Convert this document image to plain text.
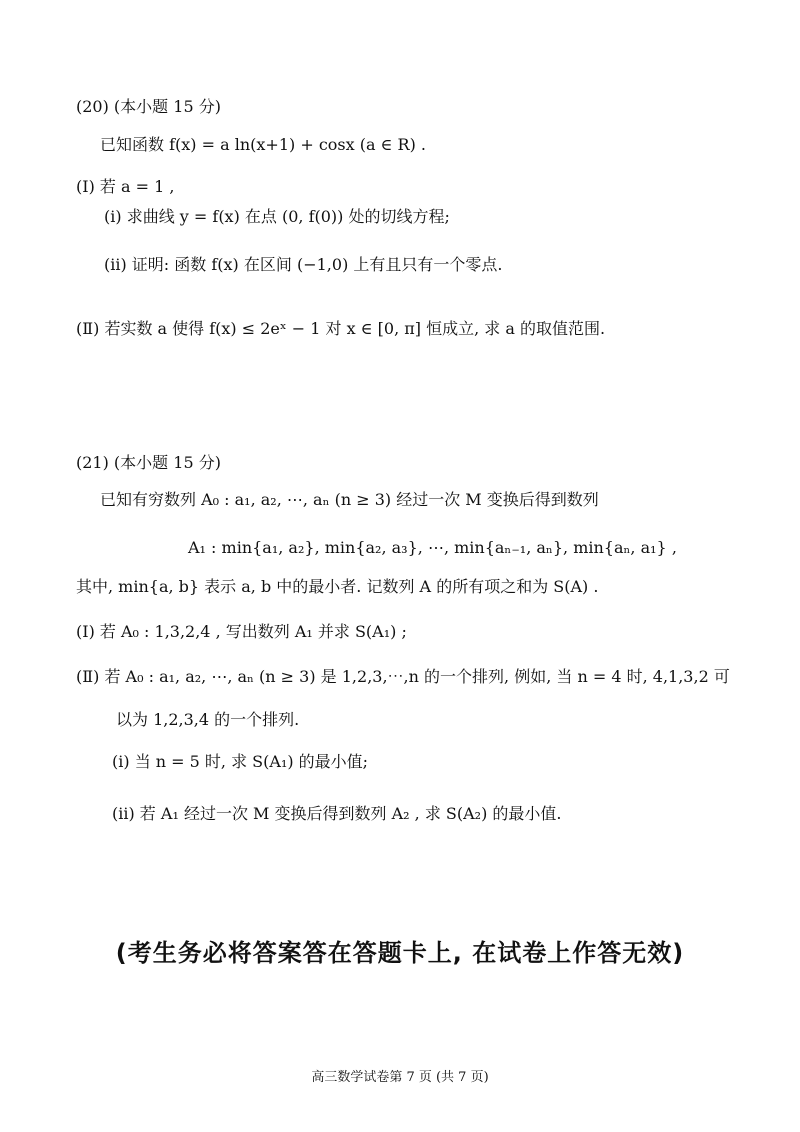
(20) (本小题 15 分)
已知函数 f(x) = a ln(x+1) + cosx (a ∈ R) .
(Ⅰ) 若 a = 1 ,
(ⅰ) 求曲线 y = f(x) 在点 (0, f(0)) 处的切线方程;
(ⅱ) 证明: 函数 f(x) 在区间 (−1,0) 上有且只有一个零点.
(Ⅱ) 若实数 a 使得 f(x) ≤ 2eˣ − 1 对 x ∈ [0, π] 恒成立, 求 a 的取值范围.
(21) (本小题 15 分)
已知有穷数列 A₀ : a₁, a₂, ⋯, aₙ (n ≥ 3) 经过一次 M 变换后得到数列
A₁ : min{a₁, a₂}, min{a₂, a₃}, ⋯, min{aₙ₋₁, aₙ}, min{aₙ, a₁} ,
其中, min{a, b} 表示 a, b 中的最小者. 记数列 A 的所有项之和为 S(A) .
(Ⅰ) 若 A₀ : 1,3,2,4 , 写出数列 A₁ 并求 S(A₁) ;
(Ⅱ) 若 A₀ : a₁, a₂, ⋯, aₙ (n ≥ 3) 是 1,2,3,⋯,n 的一个排列, 例如, 当 n = 4 时, 4,1,3,2 可
以为 1,2,3,4 的一个排列.
(ⅰ) 当 n = 5 时, 求 S(A₁) 的最小值;
(ⅱ) 若 A₁ 经过一次 M 变换后得到数列 A₂ , 求 S(A₂) 的最小值.
(考生务必将答案答在答题卡上, 在试卷上作答无效)
高三数学试卷第 7 页 (共 7 页)
